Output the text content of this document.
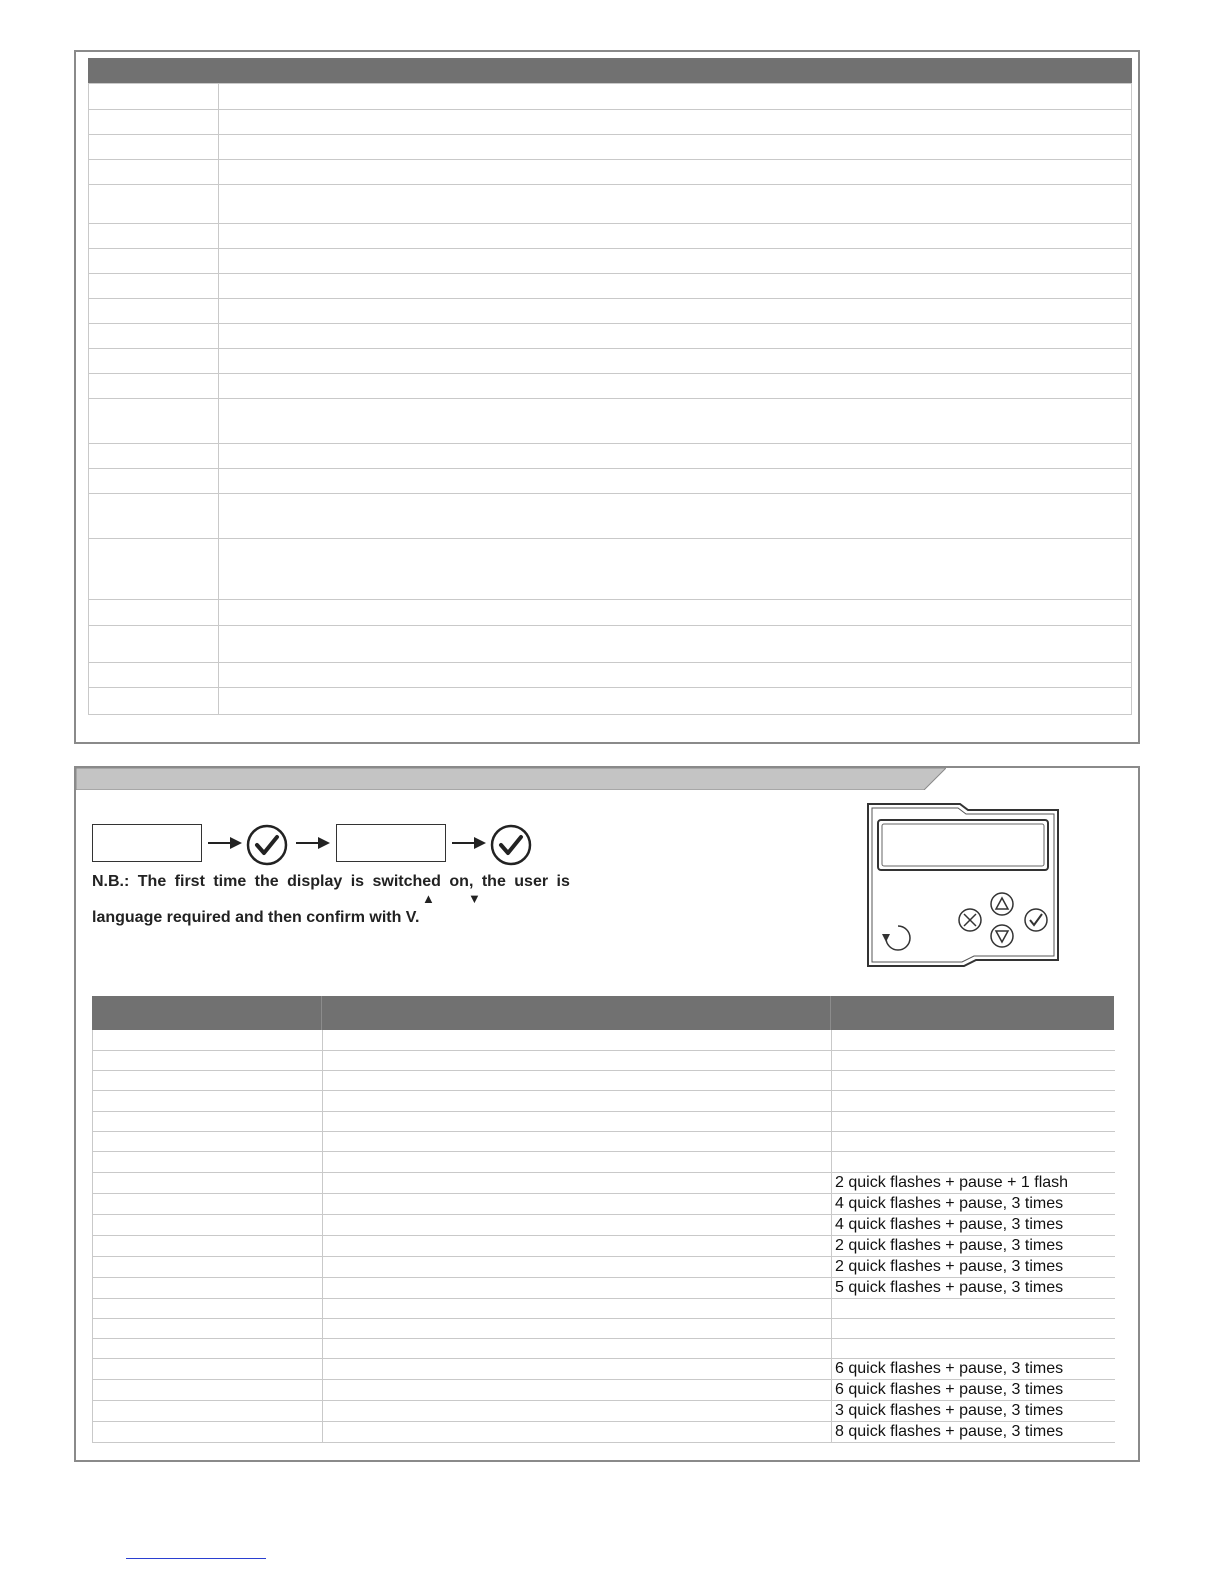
N.B.: The first time the display is switched on, the user is
▲	▼
language required and then confirm with V.

		2 quick flashes + pause + 1 flash
		4 quick flashes + pause, 3 times
		4 quick flashes + pause, 3 times
		2 quick flashes + pause, 3 times
		2 quick flashes + pause, 3 times
		5 quick flashes + pause, 3 times

		6 quick flashes + pause, 3 times
		6 quick flashes + pause, 3 times
		3 quick flashes + pause, 3 times
		8 quick flashes + pause, 3 times
